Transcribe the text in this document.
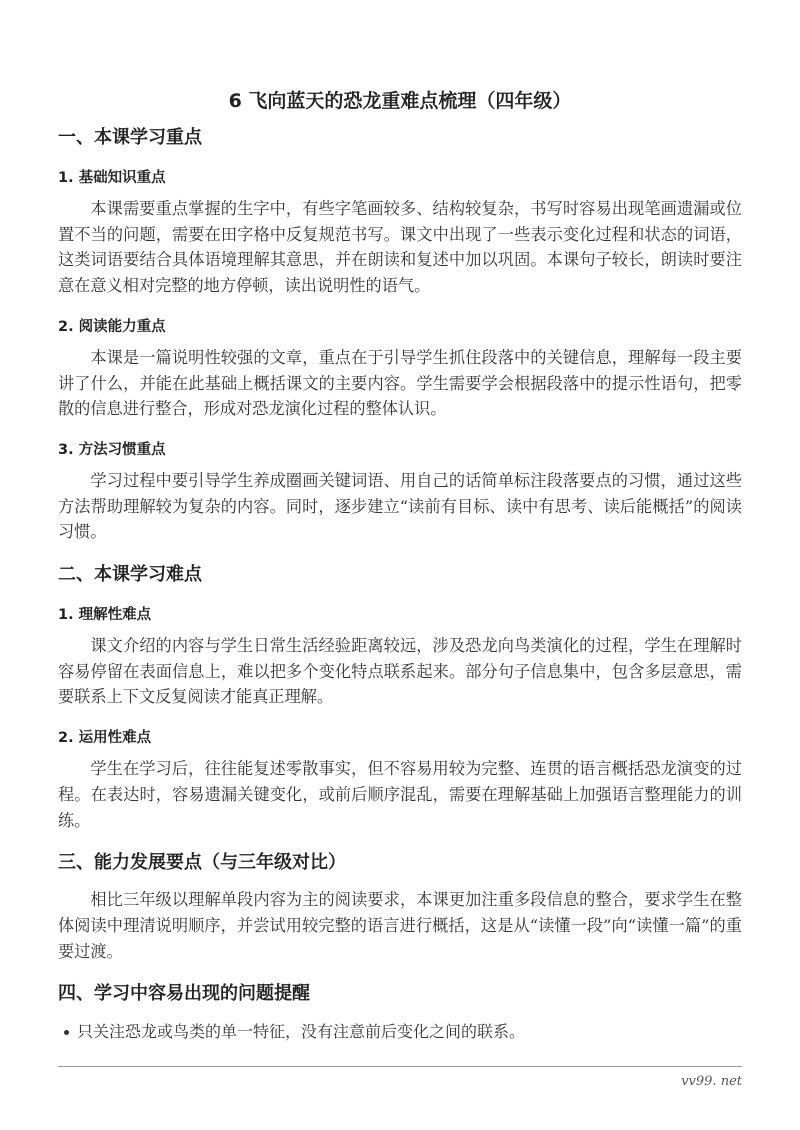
6 飞向蓝天的恐龙重难点梳理（四年级）
一、本课学习重点
1. 基础知识重点

本课需要重点掌握的生字中，有些字笔画较多、结构较复杂，书写时容易出现笔画遗漏或位置不当的问题，需要在田字格中反复规范书写。课文中出现了一些表示变化过程和状态的词语，这类词语要结合具体语境理解其意思，并在朗读和复述中加以巩固。本课句子较长，朗读时要注意在意义相对完整的地方停顿，读出说明性的语气。

2. 阅读能力重点

本课是一篇说明性较强的文章，重点在于引导学生抓住段落中的关键信息，理解每一段主要讲了什么，并能在此基础上概括课文的主要内容。学生需要学会根据段落中的提示性语句，把零散的信息进行整合，形成对恐龙演化过程的整体认识。

3. 方法习惯重点

学习过程中要引导学生养成圈画关键词语、用自己的话简单标注段落要点的习惯，通过这些方法帮助理解较为复杂的内容。同时，逐步建立“读前有目标、读中有思考、读后能概括”的阅读习惯。

二、本课学习难点
1. 理解性难点

课文介绍的内容与学生日常生活经验距离较远，涉及恐龙向鸟类演化的过程，学生在理解时容易停留在表面信息上，难以把多个变化特点联系起来。部分句子信息集中，包含多层意思，需要联系上下文反复阅读才能真正理解。

2. 运用性难点

学生在学习后，往往能复述零散事实，但不容易用较为完整、连贯的语言概括恐龙演变的过程。在表达时，容易遗漏关键变化，或前后顺序混乱，需要在理解基础上加强语言整理能力的训练。

三、能力发展要点（与三年级对比）

相比三年级以理解单段内容为主的阅读要求，本课更加注重多段信息的整合，要求学生在整体阅读中理清说明顺序，并尝试用较完整的语言进行概括，这是从“读懂一段”向“读懂一篇”的重要过渡。

四、学习中容易出现的问题提醒
只关注恐龙或鸟类的单一特征，没有注意前后变化之间的联系。
vv99. net
